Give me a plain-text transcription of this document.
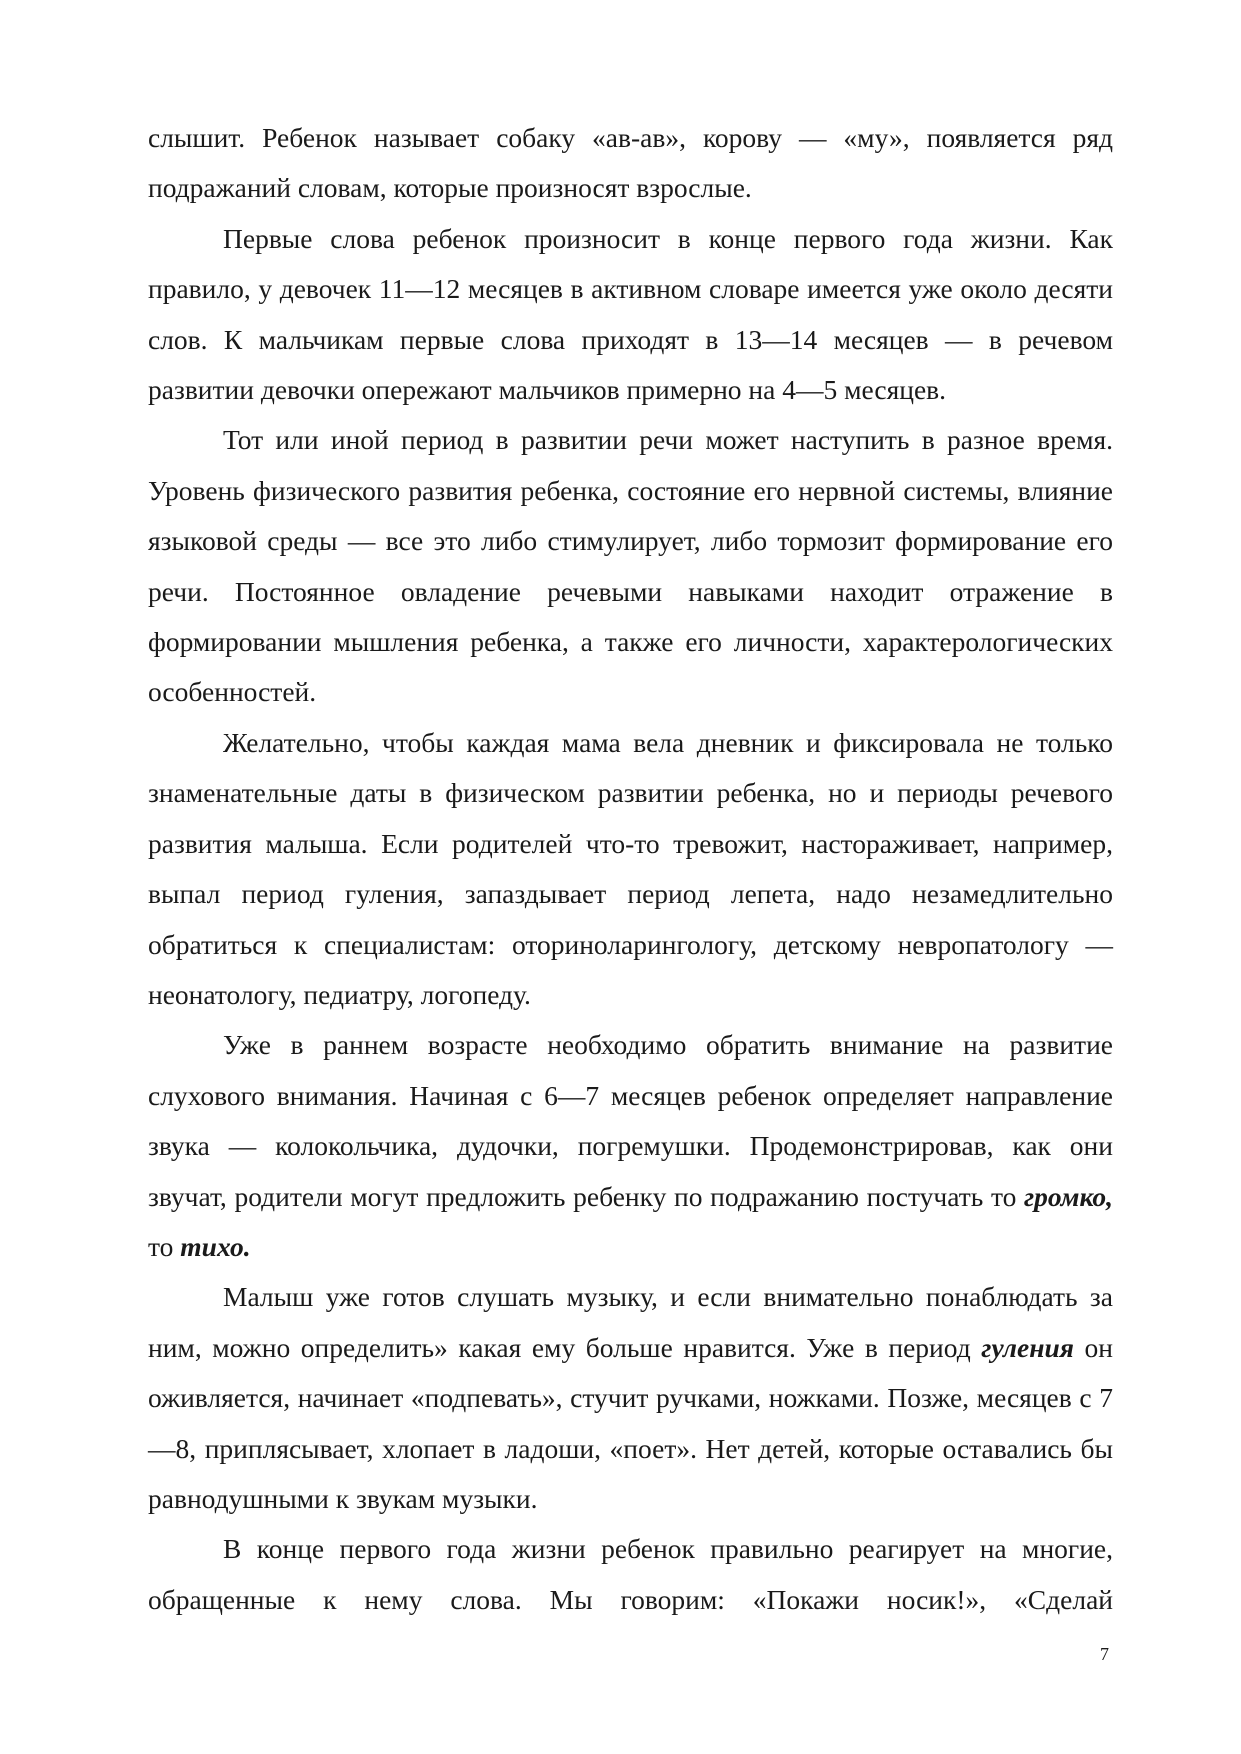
слышит. Ребенок называет собаку «ав-ав», корову — «му», появляется ряд подражаний словам, которые произносят взрослые.

Первые слова ребенок произносит в конце первого года жизни. Как правило, у девочек 11—12 месяцев в активном словаре имеется уже около десяти слов. К мальчикам первые слова приходят в 13—14 месяцев — в речевом развитии девочки опережают мальчиков примерно на 4—5 месяцев.

Тот или иной период в развитии речи может наступить в разное время. Уровень физического развития ребенка, состояние его нервной системы, влияние языковой среды — все это либо стимулирует, либо тормозит формирование его речи. Постоянное овладение речевыми навыками находит отражение в формировании мышления ребенка, а также его личности, характерологических особенностей.

Желательно, чтобы каждая мама вела дневник и фиксировала не только знаменательные даты в физическом развитии ребенка, но и периоды речевого развития малыша. Если родителей что-то тревожит, настораживает, например, выпал период гуления, запаздывает период лепета, надо незамедлительно обратиться к специалистам: оториноларингологу, детскому невропатологу — неонатологу, педиатру, логопеду.

Уже в раннем возрасте необходимо обратить внимание на развитие слухового внимания. Начиная с 6—7 месяцев ребенок определяет направление звука — колокольчика, дудочки, погремушки. Продемонстрировав, как они звучат, родители могут предложить ребенку по подражанию постучать то громко, то тихо.

Малыш уже готов слушать музыку, и если внимательно понаблюдать за ним, можно определить» какая ему больше нравится. Уже в период гуления он оживляется, начинает «подпевать», стучит ручками, ножками. Позже, месяцев с 7—8, приплясывает, хлопает в ладоши, «поет». Нет детей, которые оставались бы равнодушными к звукам музыки.

В конце первого года жизни ребенок правильно реагирует на многие, обращенные к нему слова. Мы говорим: «Покажи носик!», «Сделай

7
